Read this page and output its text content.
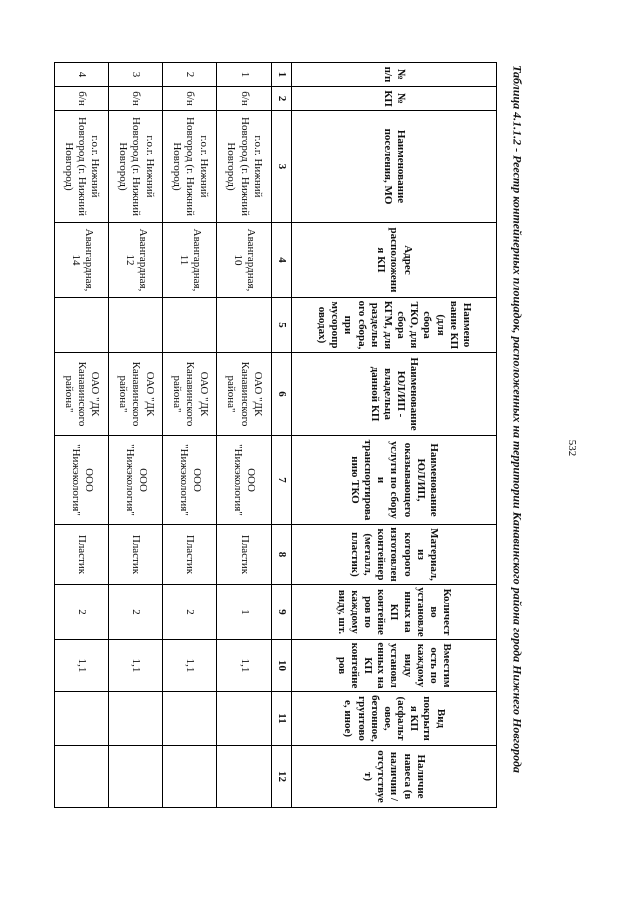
532
Таблица 4.1.1.2 - Реестр контейнерных площадок, расположенных на территории Канавинского района города Нижнего Новгорода
№ п/п	№ КП	Наименование поселения, МО	Адрес расположения КП	Наименование КП (для сбора ТКО, для сбора КГМ, для раздельного сбора, при мусоропроводах)	Наименование ЮЛ/ИП - владельца данной КП	Наименование ЮЛ/ИП, оказывающего услуги по сбору и транспортированию ТКО	Материал, из которого изготовлен контейнер (металл, пластик)	Количество установленных на КП контейнеров по каждому виду, шт.	Вместимость по каждому виду установленных на КП контейнеров	Вид покрытия КП (асфальтовое, бетонное, грунтовое, иное)	Наличие навеса (в наличии / отсутствует)
1	2	3	4	5	6	7	8	9	10	11	12
1	б/н	г.о.г. Нижний Новгород (г. Нижний Новгород)	Авангардная, 10		ОАО "ДК Канавинского района"	ООО "Нижэкология"	Пластик	1	1,1		
2	б/н	г.о.г. Нижний Новгород (г. Нижний Новгород)	Авангардная, 11		ОАО "ДК Канавинского района"	ООО "Нижэкология"	Пластик	2	1,1		
3	б/н	г.о.г. Нижний Новгород (г. Нижний Новгород)	Авангардная, 12		ОАО "ДК Канавинского района"	ООО "Нижэкология"	Пластик	2	1,1		
4	б/н	г.о.г. Нижний Новгород (г. Нижний Новгород)	Авангардная, 14		ОАО "ДК Канавинского района"	ООО "Нижэкология"	Пластик	2	1,1		
